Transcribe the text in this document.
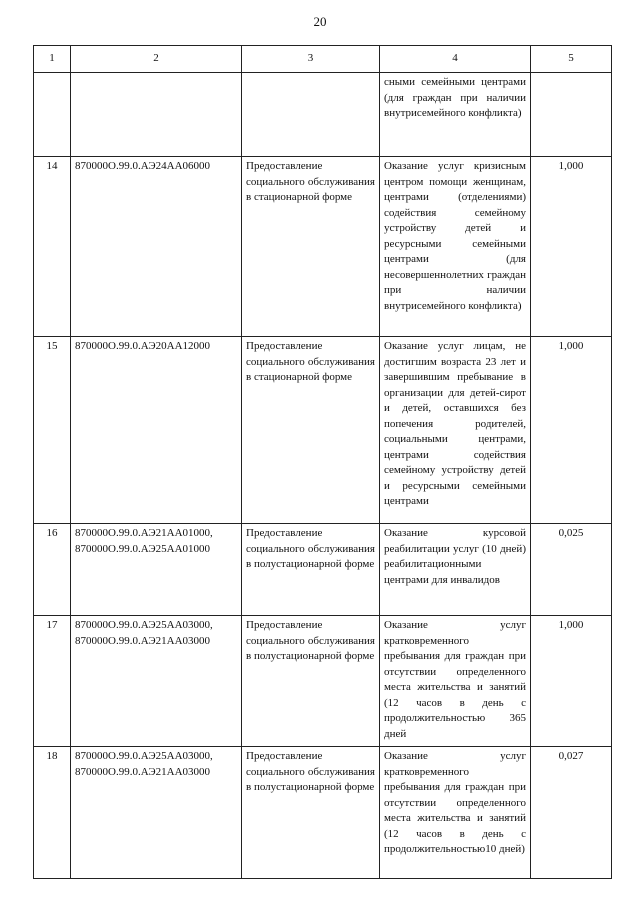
20
1	2	3	4	5
			сными семейными центрами (для граждан при наличии внутрисемейного конфликта)	
14	870000О.99.0.АЭ24АА06000	Предоставление социального обслуживания в стационарной форме	Оказание услуг кризисным центром помощи женщинам, центрами (отделениями) содействия семейному устройству детей и ресурсными семейными центрами (для несовершеннолетних граждан при наличии внутрисемейного конфликта)	1,000
15	870000О.99.0.АЭ20АА12000	Предоставление социального обслуживания в стационарной форме	Оказание услуг лицам, не достигшим возраста 23 лет и завершившим пребывание в организации для детей-сирот и детей, оставшихся без попечения родителей, социальными центрами, центрами содействия семейному устройству детей и ресурсными семейными центрами	1,000
16	870000О.99.0.АЭ21АА01000, 870000О.99.0.АЭ25АА01000	Предоставление социального обслуживания в полустационарной форме	Оказание курсовой реабилитации услуг (10 дней) реабилитационными центрами для инвалидов	0,025
17	870000О.99.0.АЭ25АА03000, 870000О.99.0.АЭ21АА03000	Предоставление социального обслуживания в полустационарной форме	Оказание услуг кратковременного пребывания для граждан при отсутствии определенного места жительства и занятий (12 часов в день с продолжительностью 365 дней	1,000
18	870000О.99.0.АЭ25АА03000, 870000О.99.0.АЭ21АА03000	Предоставление социального обслуживания в полустационарной форме	Оказание услуг кратковременного пребывания для граждан при отсутствии определенного места жительства и занятий (12 часов в день с продолжительностью10 дней)	0,027
